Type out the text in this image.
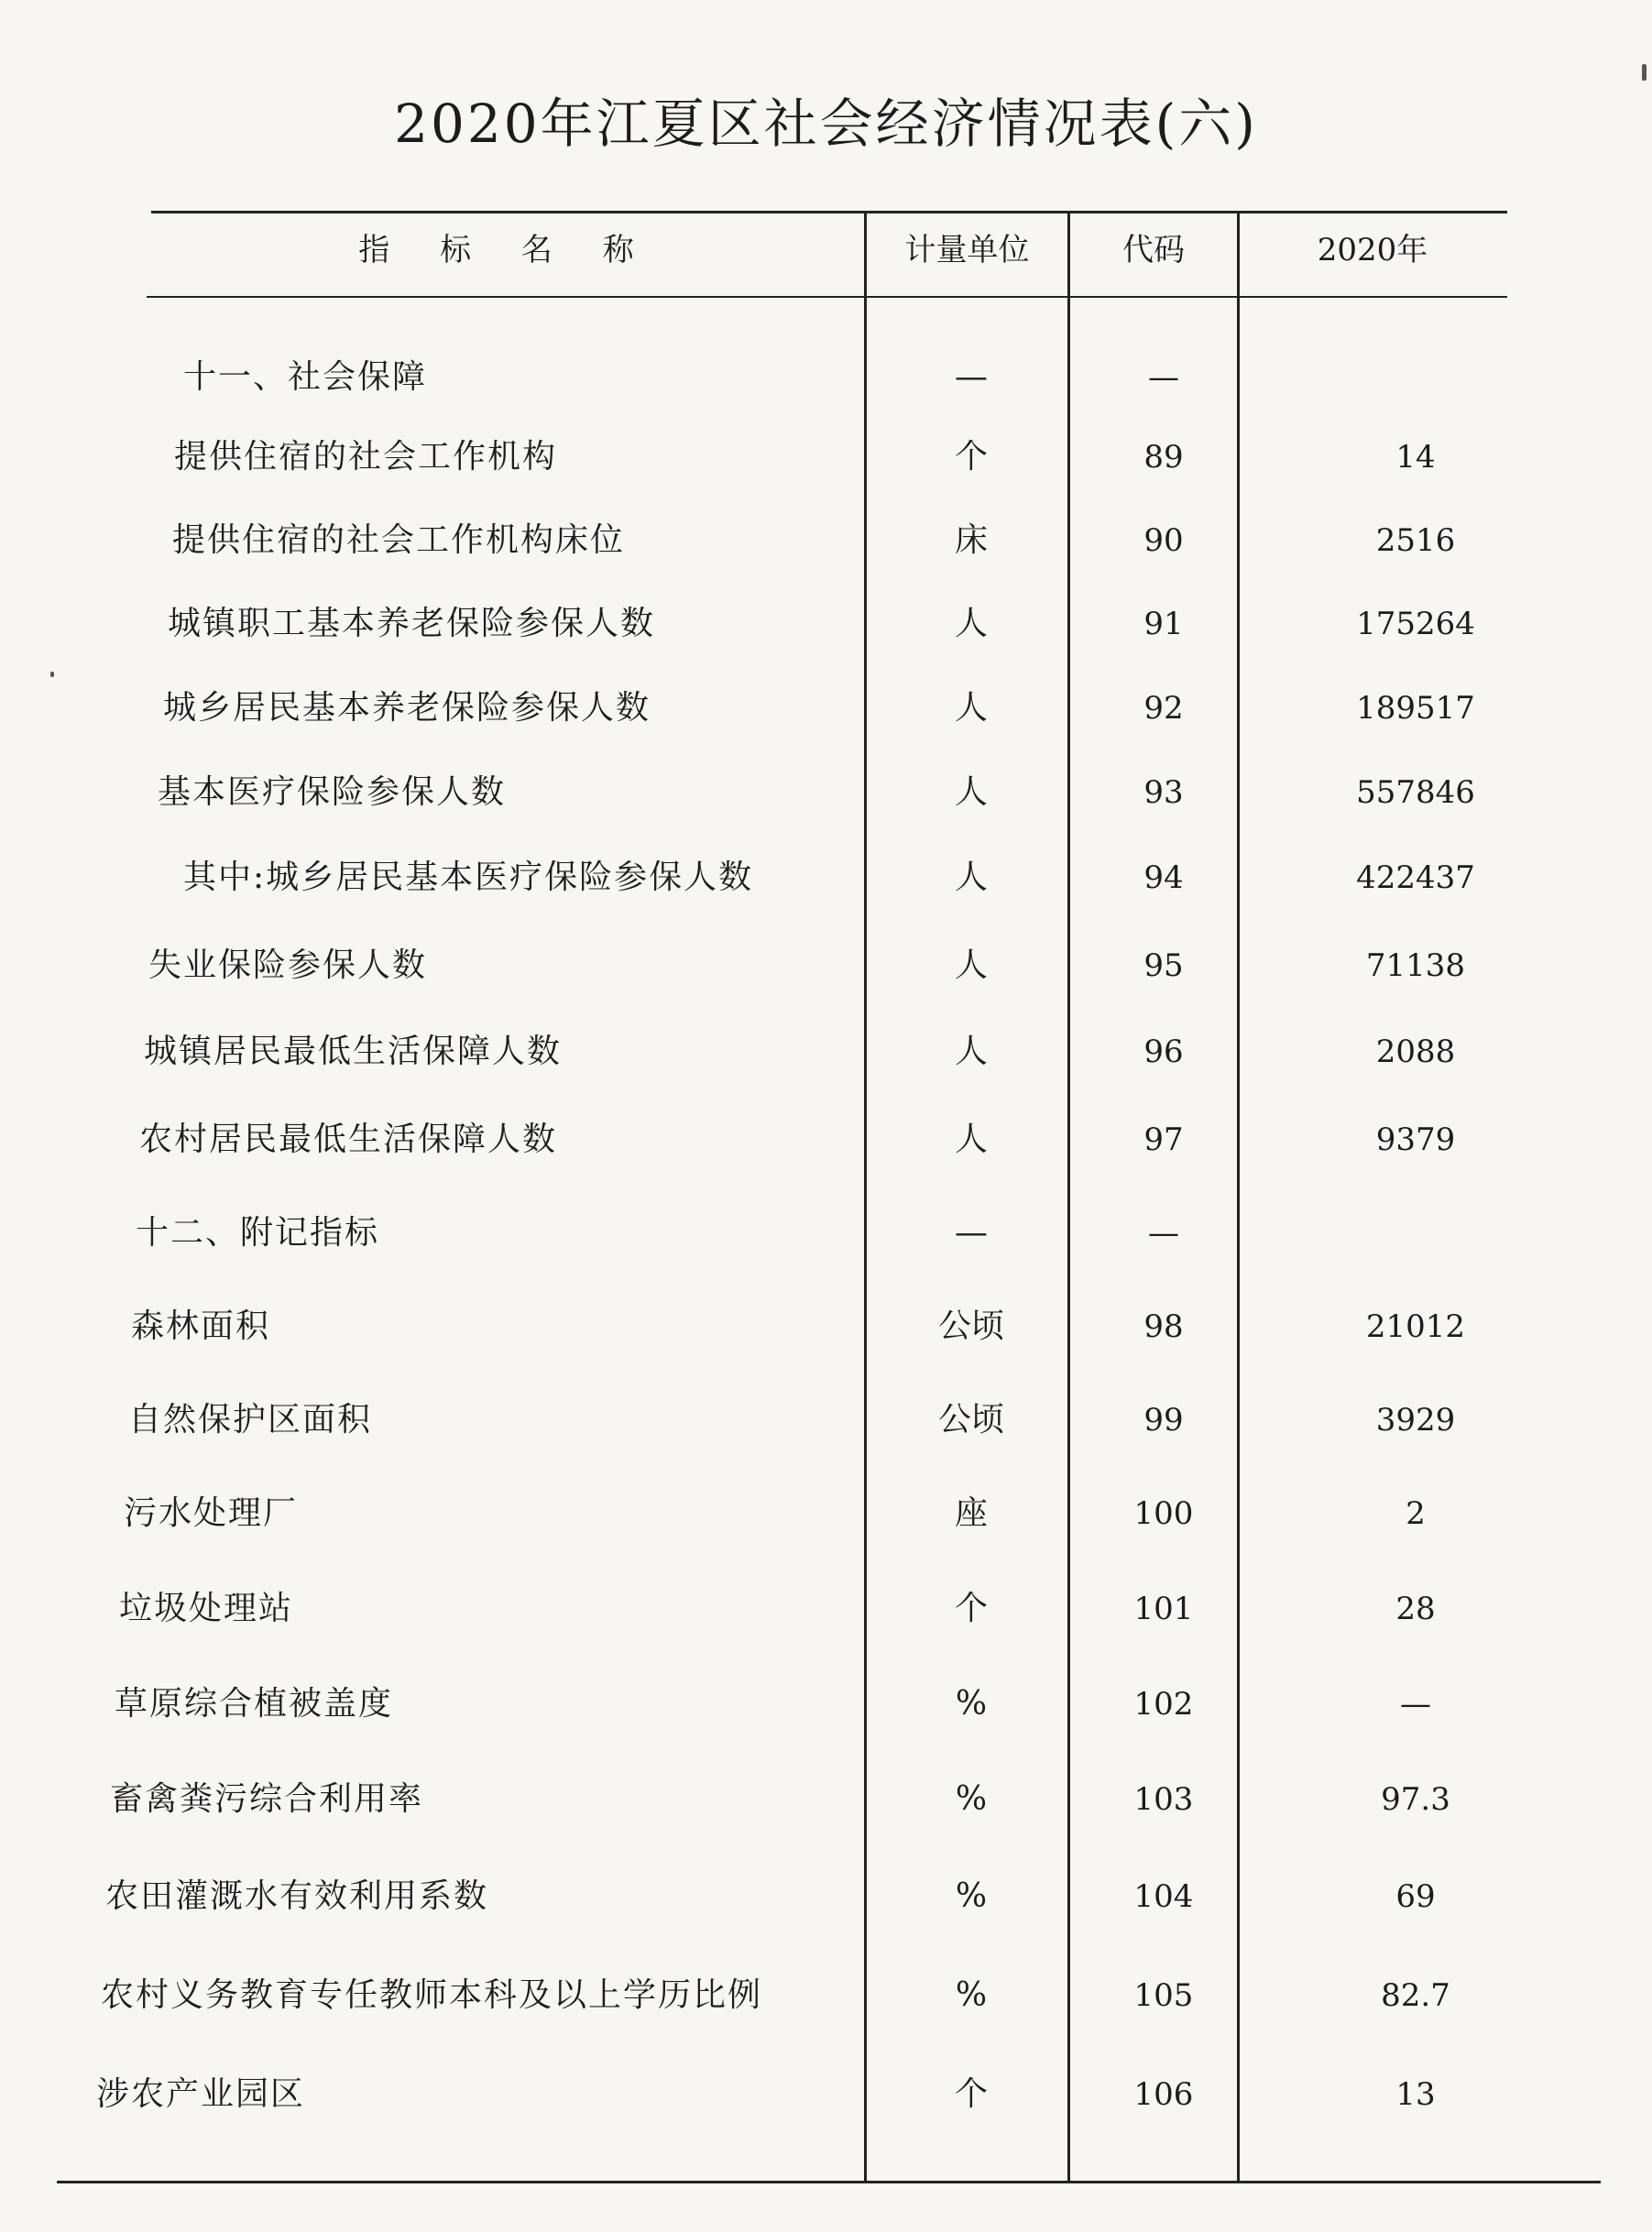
2020年江夏区社会经济情况表(六)
指 标 名 称	计量单位	代码	2020年
十一、社会保障	—	—
提供住宿的社会工作机构	个	89	14
提供住宿的社会工作机构床位	床	90	2516
城镇职工基本养老保险参保人数	人	91	175264
城乡居民基本养老保险参保人数	人	92	189517
基本医疗保险参保人数	人	93	557846
其中:城乡居民基本医疗保险参保人数	人	94	422437
失业保险参保人数	人	95	71138
城镇居民最低生活保障人数	人	96	2088
农村居民最低生活保障人数	人	97	9379
十二、附记指标	—	—
森林面积	公顷	98	21012
自然保护区面积	公顷	99	3929
污水处理厂	座	100	2
垃圾处理站	个	101	28
草原综合植被盖度	%	102	—
畜禽粪污综合利用率	%	103	97.3
农田灌溉水有效利用系数	%	104	69
农村义务教育专任教师本科及以上学历比例	%	105	82.7
涉农产业园区	个	106	13
